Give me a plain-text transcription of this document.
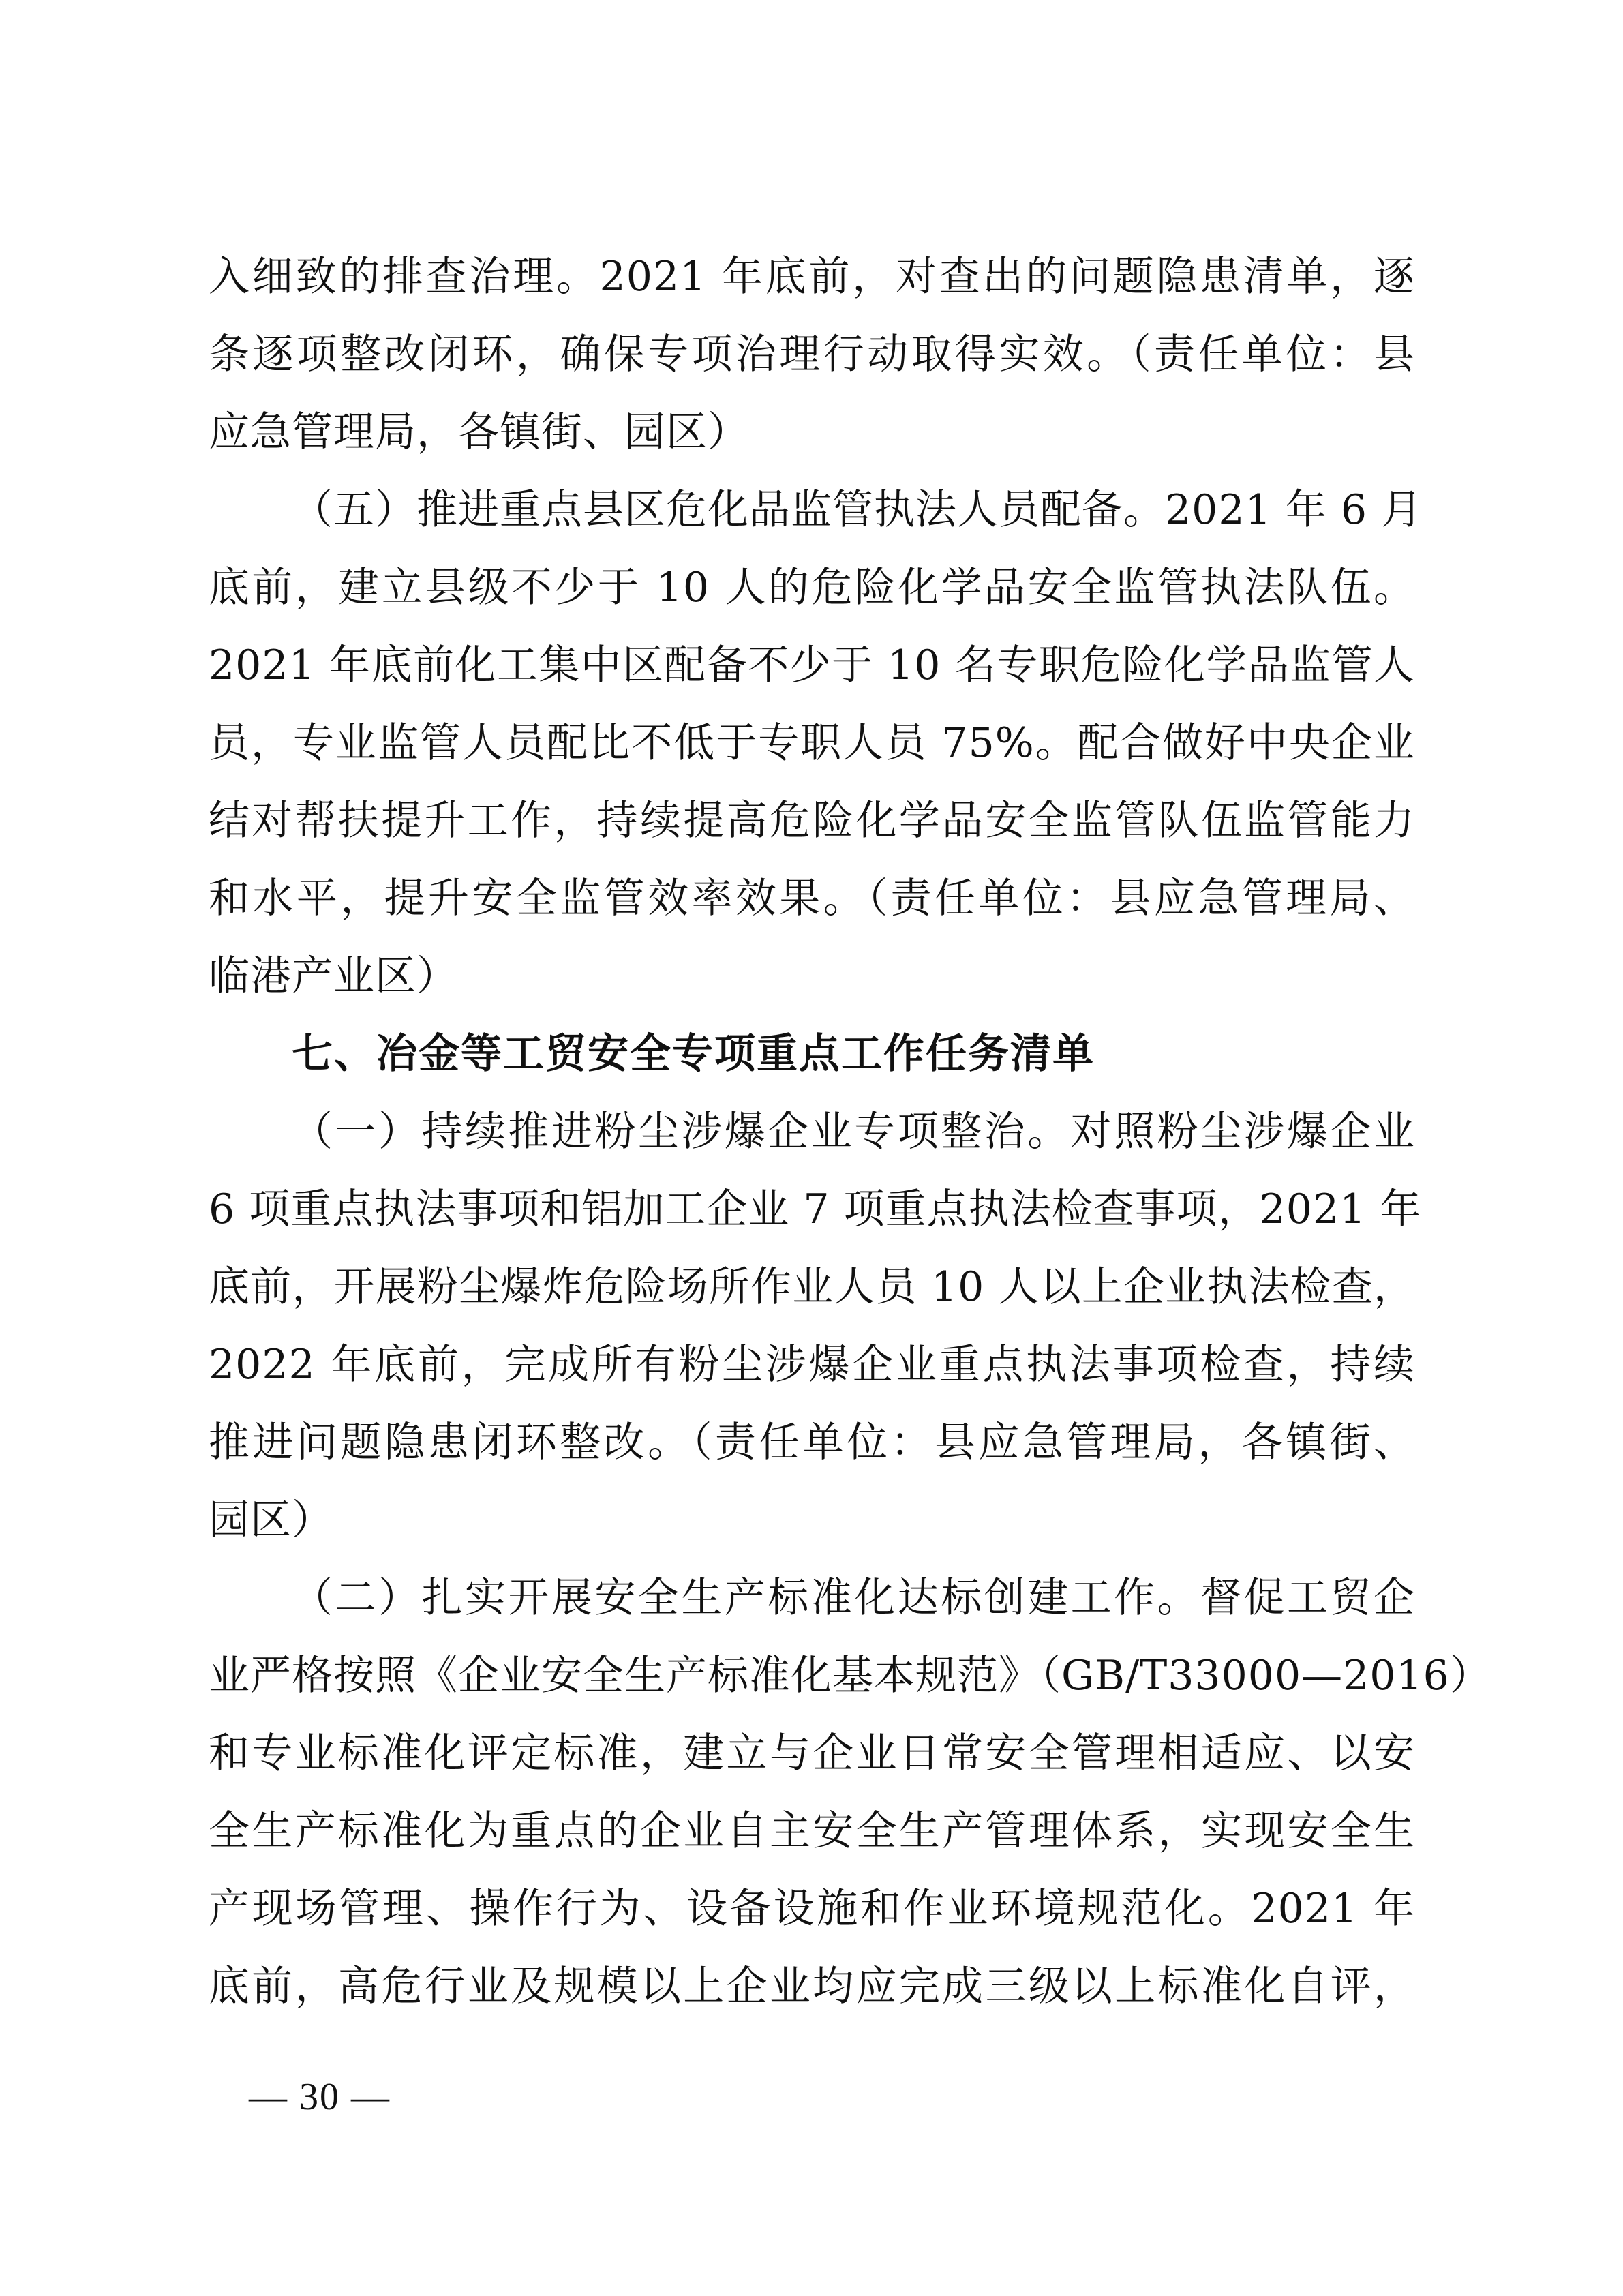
入细致的排查治理。2021 年底前，对查出的问题隐患清单，逐
条逐项整改闭环，确保专项治理行动取得实效。（责任单位：县
应急管理局，各镇街、园区）
（五）推进重点县区危化品监管执法人员配备。2021 年 6 月
底前，建立县级不少于 10 人的危险化学品安全监管执法队伍。
2021 年底前化工集中区配备不少于 10 名专职危险化学品监管人
员，专业监管人员配比不低于专职人员 75%。配合做好中央企业
结对帮扶提升工作，持续提高危险化学品安全监管队伍监管能力
和水平，提升安全监管效率效果。（责任单位：县应急管理局、
临港产业区）
七、冶金等工贸安全专项重点工作任务清单
（一）持续推进粉尘涉爆企业专项整治。对照粉尘涉爆企业
6 项重点执法事项和铝加工企业 7 项重点执法检查事项，2021 年
底前，开展粉尘爆炸危险场所作业人员 10 人以上企业执法检查，
2022 年底前，完成所有粉尘涉爆企业重点执法事项检查，持续
推进问题隐患闭环整改。（责任单位：县应急管理局，各镇街、
园区）
（二）扎实开展安全生产标准化达标创建工作。督促工贸企
业严格按照《企业安全生产标准化基本规范》（GB/T33000—2016）
和专业标准化评定标准，建立与企业日常安全管理相适应、以安
全生产标准化为重点的企业自主安全生产管理体系，实现安全生
产现场管理、操作行为、设备设施和作业环境规范化。2021 年
底前，高危行业及规模以上企业均应完成三级以上标准化自评，
— 30 —
